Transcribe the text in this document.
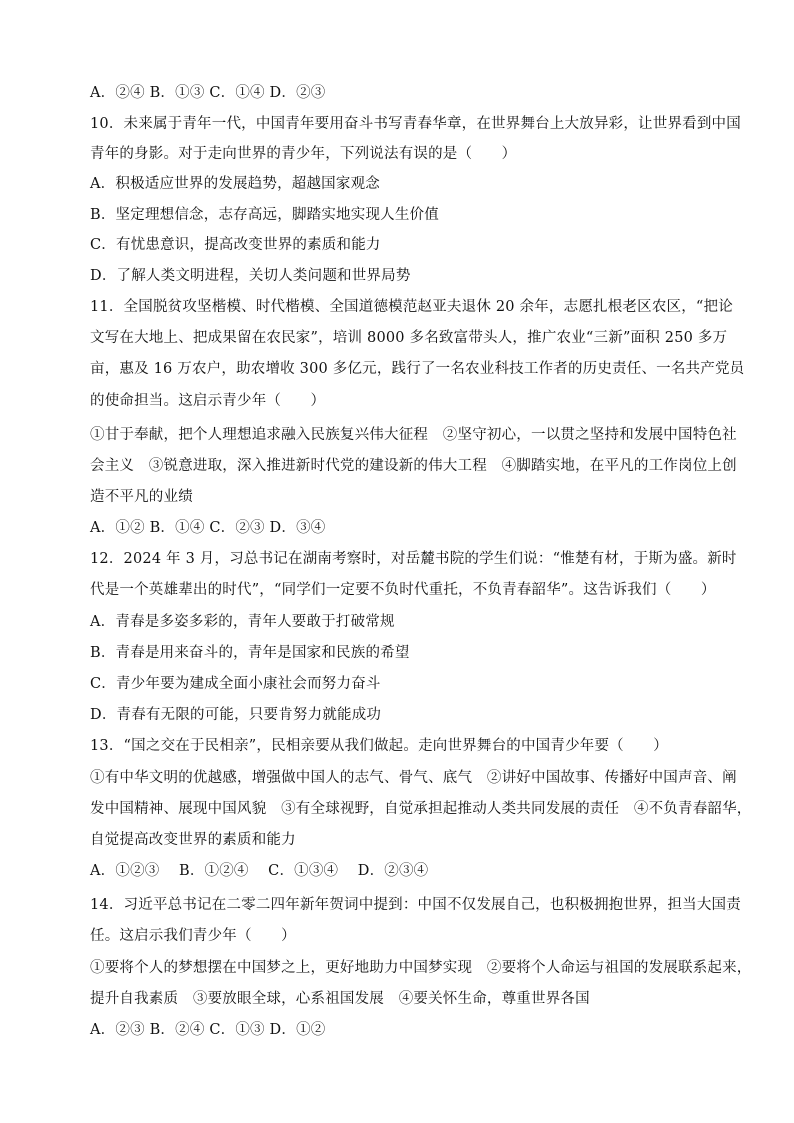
A．②④ B．①③ C．①④ D．②③
10．未来属于青年一代，中国青年要用奋斗书写青春华章，在世界舞台上大放异彩，让世界看到中国
青年的身影。对于走向世界的青少年，下列说法有误的是（　　）
A．积极适应世界的发展趋势，超越国家观念
B．坚定理想信念，志存高远，脚踏实地实现人生价值
C．有忧患意识，提高改变世界的素质和能力
D．了解人类文明进程，关切人类问题和世界局势
11．全国脱贫攻坚楷模、时代楷模、全国道德模范赵亚夫退休 20 余年，志愿扎根老区农区，“把论
文写在大地上、把成果留在农民家”，培训 8000 多名致富带头人，推广农业“三新”面积 250 多万
亩，惠及 16 万农户，助农增收 300 多亿元，践行了一名农业科技工作者的历史责任、一名共产党员
的使命担当。这启示青少年（　　）
①甘于奉献，把个人理想追求融入民族复兴伟大征程　②坚守初心，一以贯之坚持和发展中国特色社
会主义　③锐意进取，深入推进新时代党的建设新的伟大工程　④脚踏实地，在平凡的工作岗位上创
造不平凡的业绩
A．①② B．①④ C．②③ D．③④
12．2024 年 3 月，习总书记在湖南考察时，对岳麓书院的学生们说：“惟楚有材，于斯为盛。新时
代是一个英雄辈出的时代”，“同学们一定要不负时代重托，不负青春韶华”。这告诉我们（　　）
A．青春是多姿多彩的，青年人要敢于打破常规
B．青春是用来奋斗的，青年是国家和民族的希望
C．青少年要为建成全面小康社会而努力奋斗
D．青春有无限的可能，只要肯努力就能成功
13．“国之交在于民相亲”，民相亲要从我们做起。走向世界舞台的中国青少年要（　　）
①有中华文明的优越感，增强做中国人的志气、骨气、底气　②讲好中国故事、传播好中国声音、阐
发中国精神、展现中国风貌　③有全球视野，自觉承担起推动人类共同发展的责任　④不负青春韶华，
自觉提高改变世界的素质和能力
A．①②③　 B．①②④　 C．①③④　 D．②③④
14．习近平总书记在二零二四年新年贺词中提到：中国不仅发展自己，也积极拥抱世界，担当大国责
任。这启示我们青少年（　　）
①要将个人的梦想摆在中国梦之上，更好地助力中国梦实现　②要将个人命运与祖国的发展联系起来，
提升自我素质　③要放眼全球，心系祖国发展　④要关怀生命，尊重世界各国
A．②③ B．②④ C．①③ D．①②
